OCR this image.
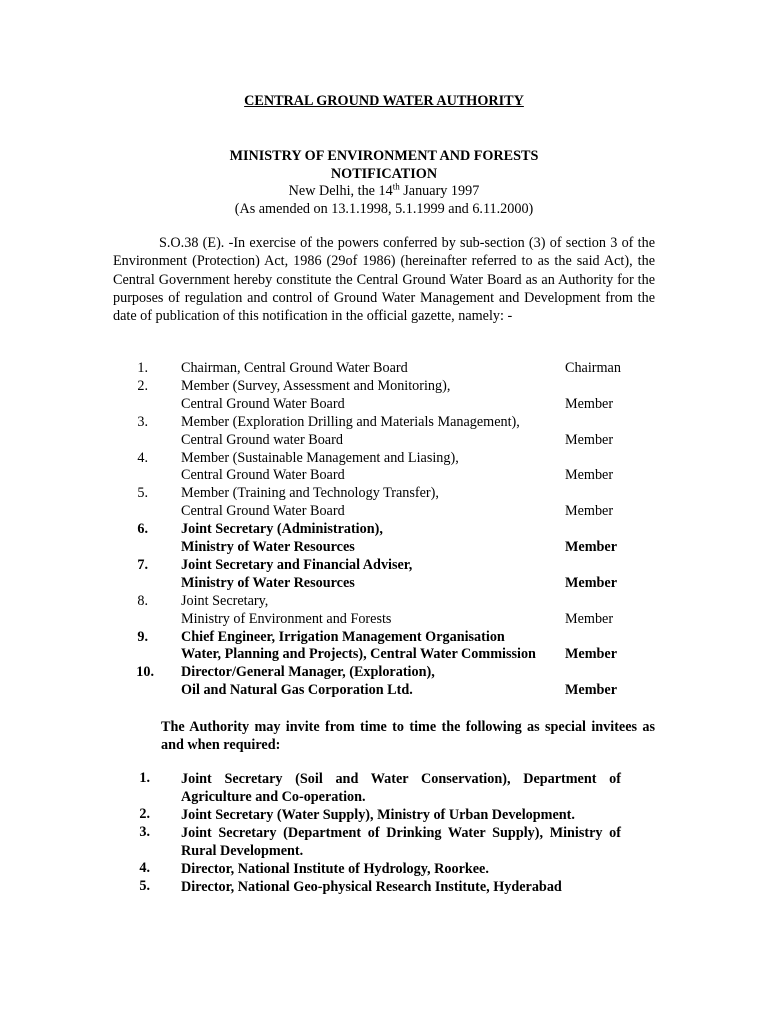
CENTRAL GROUND WATER AUTHORITY
MINISTRY OF ENVIRONMENT AND FORESTS
NOTIFICATION
New Delhi, the 14th January 1997
(As amended on 13.1.1998, 5.1.1999 and 6.11.2000)
S.O.38 (E). -In exercise of the powers conferred by sub-section (3) of section 3 of the Environment (Protection) Act, 1986 (29of 1986) (hereinafter referred to as the said Act), the Central Government hereby constitute the Central Ground Water Board as an Authority for the purposes of regulation and control of Ground Water Management and Development from the date of publication of this notification in the official gazette, namely: -
1. Chairman, Central Ground Water Board	Chairman
2. Member (Survey, Assessment and Monitoring),
Central Ground Water Board	Member
3. Member (Exploration Drilling and Materials Management),
Central Ground water Board	Member
4. Member (Sustainable Management and Liasing),
Central Ground Water Board	Member
5. Member (Training and Technology Transfer),
Central Ground Water Board	Member
6. Joint Secretary (Administration),
Ministry of Water Resources	Member
7. Joint Secretary and Financial Adviser,
Ministry of Water Resources	Member
8. Joint Secretary,
Ministry of Environment and Forests	Member
9. Chief Engineer, Irrigation Management Organisation
Water, Planning and Projects), Central Water Commission Member
10. Director/General Manager, (Exploration),
Oil and Natural Gas Corporation Ltd.	Member
The Authority may invite from time to time the following as special invitees as and when required:
1. Joint Secretary (Soil and Water Conservation), Department of Agriculture and Co-operation.
2. Joint Secretary (Water Supply), Ministry of Urban Development.
3. Joint Secretary (Department of Drinking Water Supply), Ministry of Rural Development.
4. Director, National Institute of Hydrology, Roorkee.
5. Director, National Geo-physical Research Institute, Hyderabad
